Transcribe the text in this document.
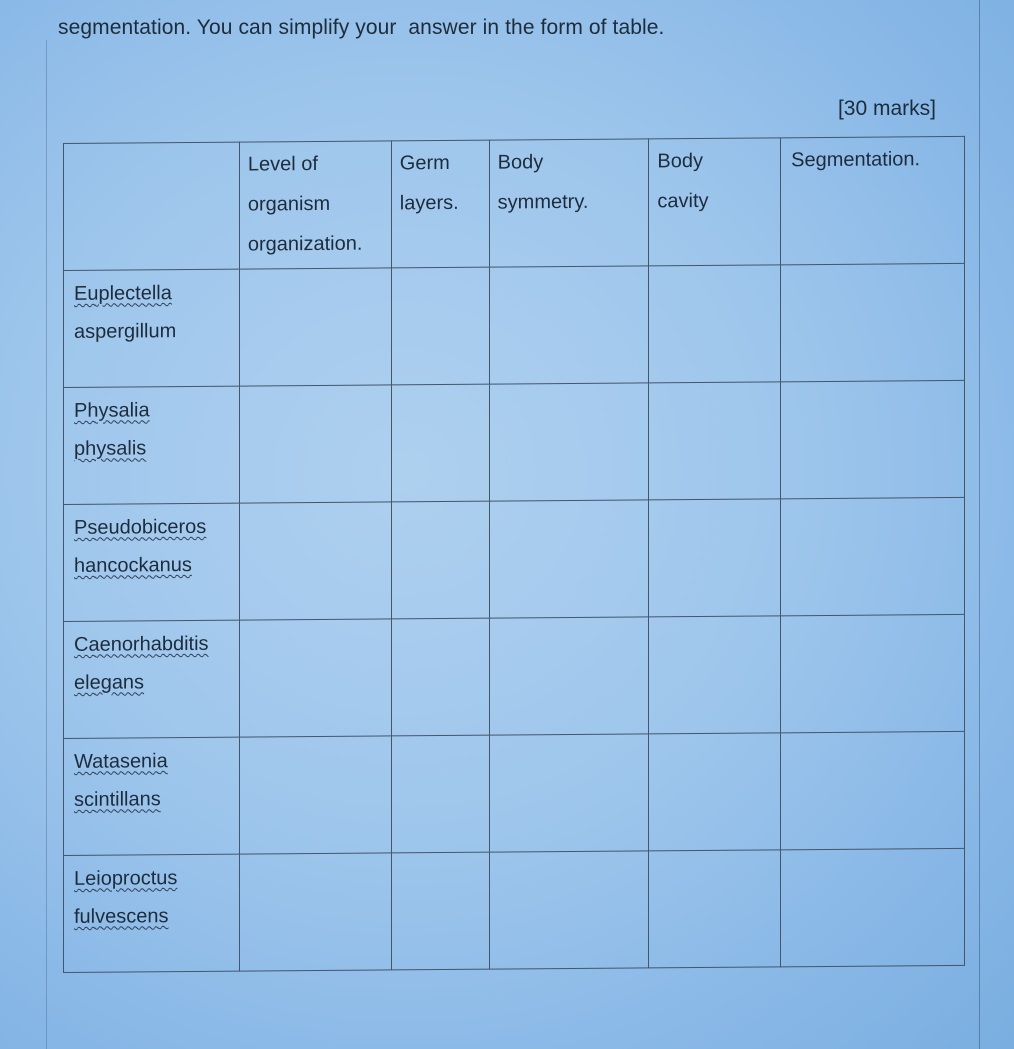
segmentation. You can simplify your  answer in the form of table.
[30 marks]

	Level of
organism
organization.	Germ
layers.	Body
symmetry.	Body
cavity	Segmentation.

Euplectella
aspergillum					

Physalia
physalis					

Pseudobiceros
hancockanus					

Caenorhabditis
elegans					

Watasenia
scintillans					

Leioproctus
fulvescens					
